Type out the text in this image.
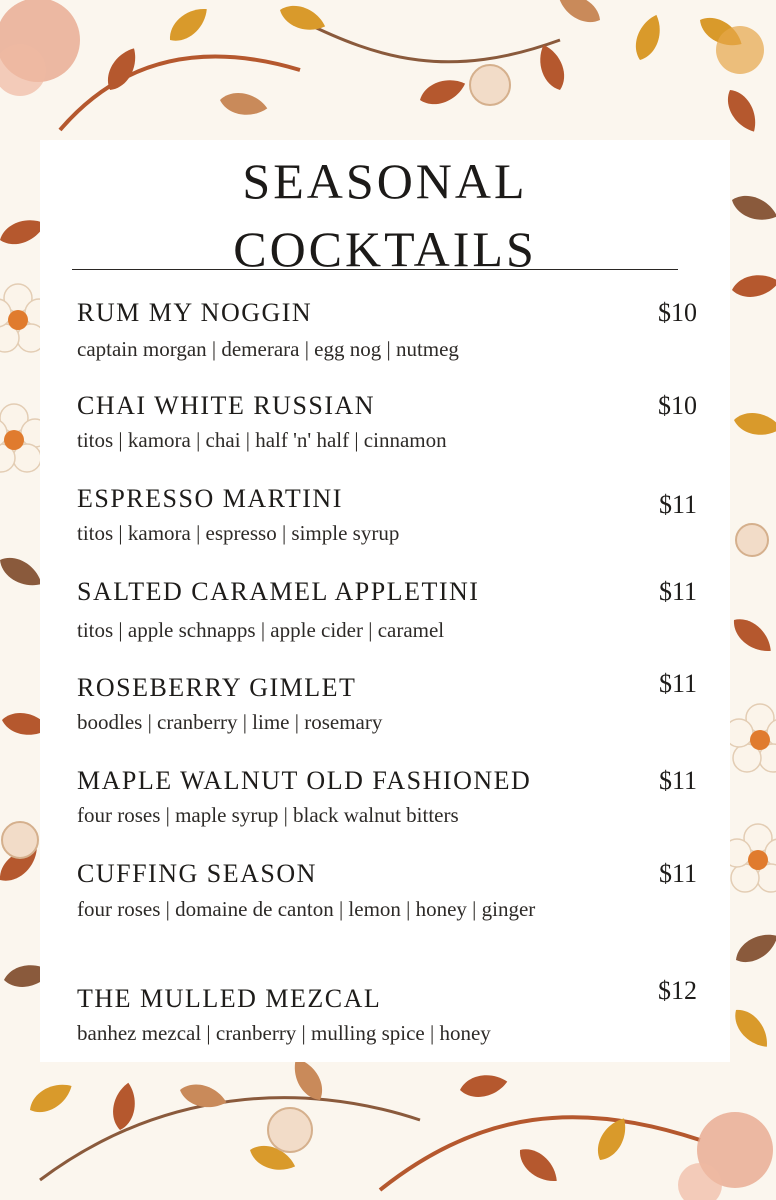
SEASONAL
COCKTAILS
RUM MY NOGGIN	$10
captain morgan | demerara | egg nog | nutmeg
CHAI WHITE RUSSIAN	$10
titos | kamora | chai | half 'n' half | cinnamon
ESPRESSO MARTINI	$11
titos | kamora | espresso | simple syrup
SALTED CARAMEL APPLETINI	$11
titos | apple schnapps | apple cider | caramel
ROSEBERRY GIMLET	$11
boodles | cranberry | lime | rosemary
MAPLE WALNUT OLD FASHIONED	$11
four roses | maple syrup | black walnut bitters
CUFFING SEASON	$11
four roses | domaine de canton | lemon | honey | ginger
THE MULLED MEZCAL	$12
banhez mezcal | cranberry | mulling spice | honey
